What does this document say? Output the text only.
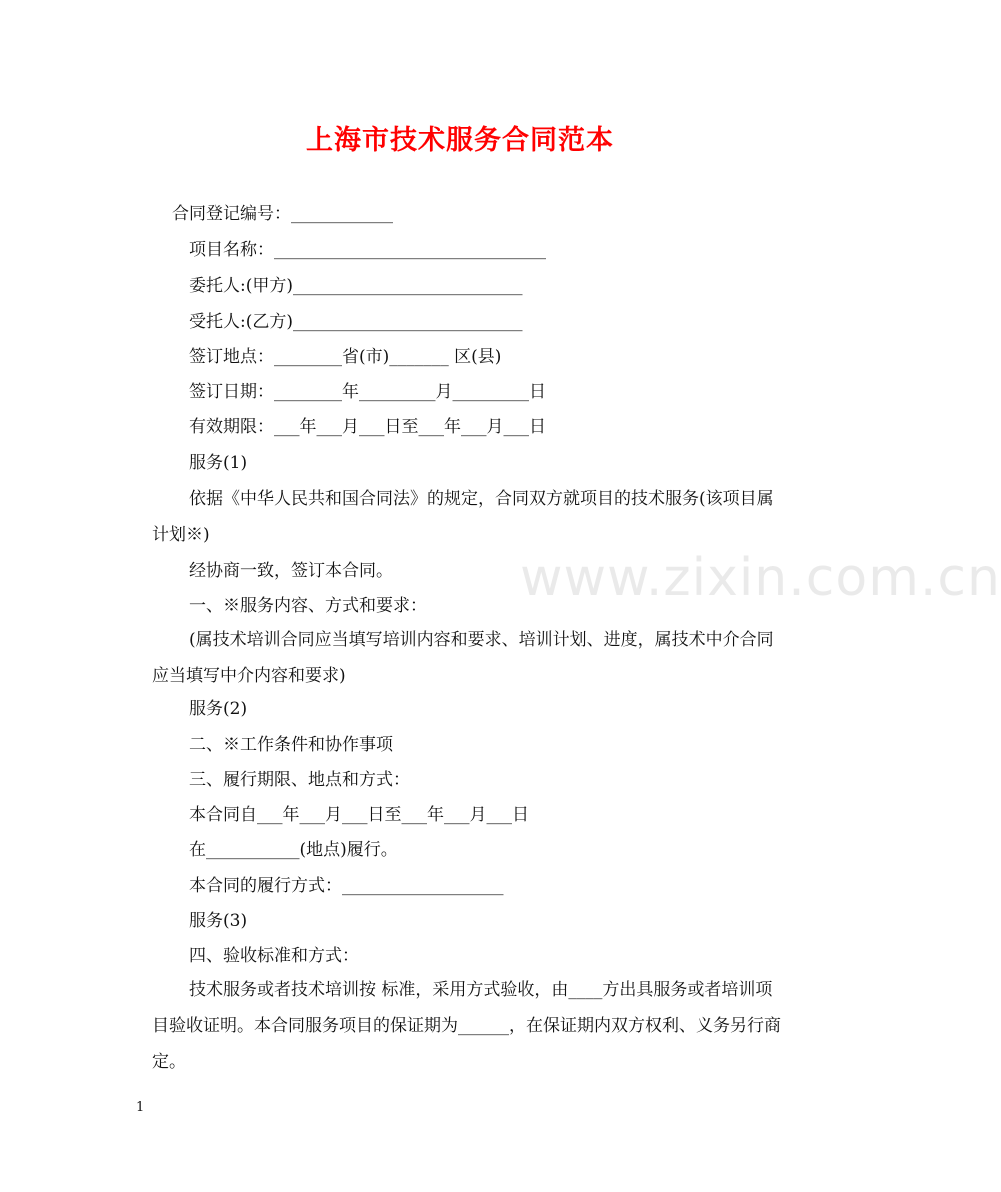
上海市技术服务合同范本
合同登记编号：____________
项目名称：________________________________
委托人:(甲方)___________________________
受托人:(乙方)___________________________
签订地点：________省(市)_______ 区(县)
签订日期：________年_________月_________日
有效期限：___年___月___日至___年___月___日
服务(1)
依据《中华人民共和国合同法》的规定，合同双方就项目的技术服务(该项目属 计划※)
经协商一致，签订本合同。
一、※服务内容、方式和要求：
(属技术培训合同应当填写培训内容和要求、培训计划、进度，属技术中介合同应当填写中介内容和要求)
服务(2)
二、※工作条件和协作事项
三、履行期限、地点和方式：
本合同自___年___月___日至___年___月___日
在___________(地点)履行。
本合同的履行方式：___________________
服务(3)
四、验收标准和方式：
技术服务或者技术培训按 标准，采用方式验收，由____方出具服务或者培训项目验收证明。本合同服务项目的保证期为______，在保证期内双方权利、义务另行商定。
www.zixin.com.cn
1
